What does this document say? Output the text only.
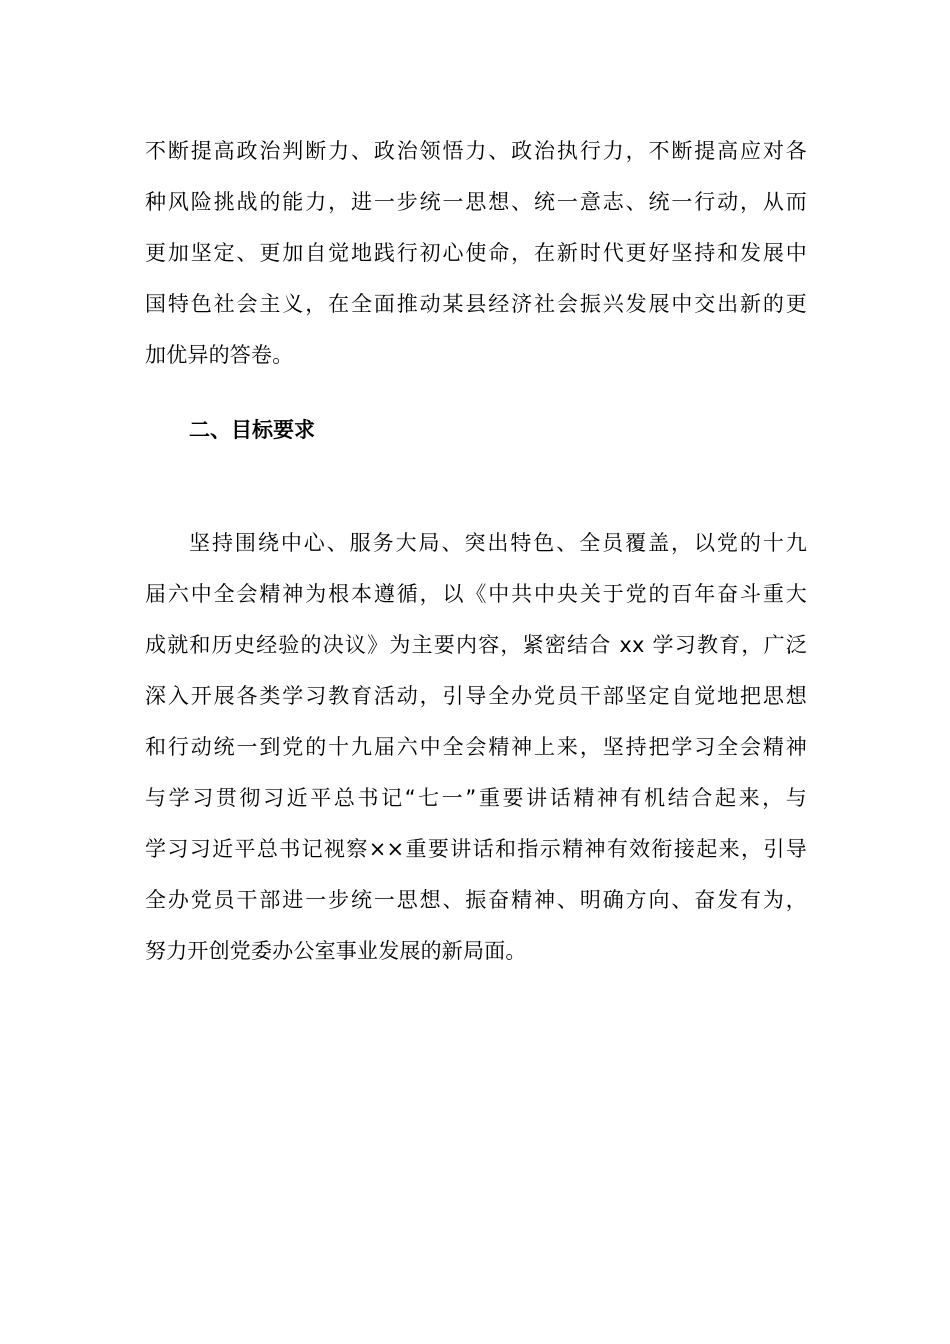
不断提高政治判断力、政治领悟力、政治执行力，不断提高应对各
种风险挑战的能力，进一步统一思想、统一意志、统一行动，从而
更加坚定、更加自觉地践行初心使命，在新时代更好坚持和发展中
国特色社会主义，在全面推动某县经济社会振兴发展中交出新的更
加优异的答卷。
二、目标要求
坚持围绕中心、服务大局、突出特色、全员覆盖，以党的十九
届六中全会精神为根本遵循，以《中共中央关于党的百年奋斗重大
成就和历史经验的决议》为主要内容，紧密结合 xx 学习教育，广泛
深入开展各类学习教育活动，引导全办党员干部坚定自觉地把思想
和行动统一到党的十九届六中全会精神上来，坚持把学习全会精神
与学习贯彻习近平总书记“七一”重要讲话精神有机结合起来，与
学习习近平总书记视察××重要讲话和指示精神有效衔接起来，引导
全办党员干部进一步统一思想、振奋精神、明确方向、奋发有为，
努力开创党委办公室事业发展的新局面。
